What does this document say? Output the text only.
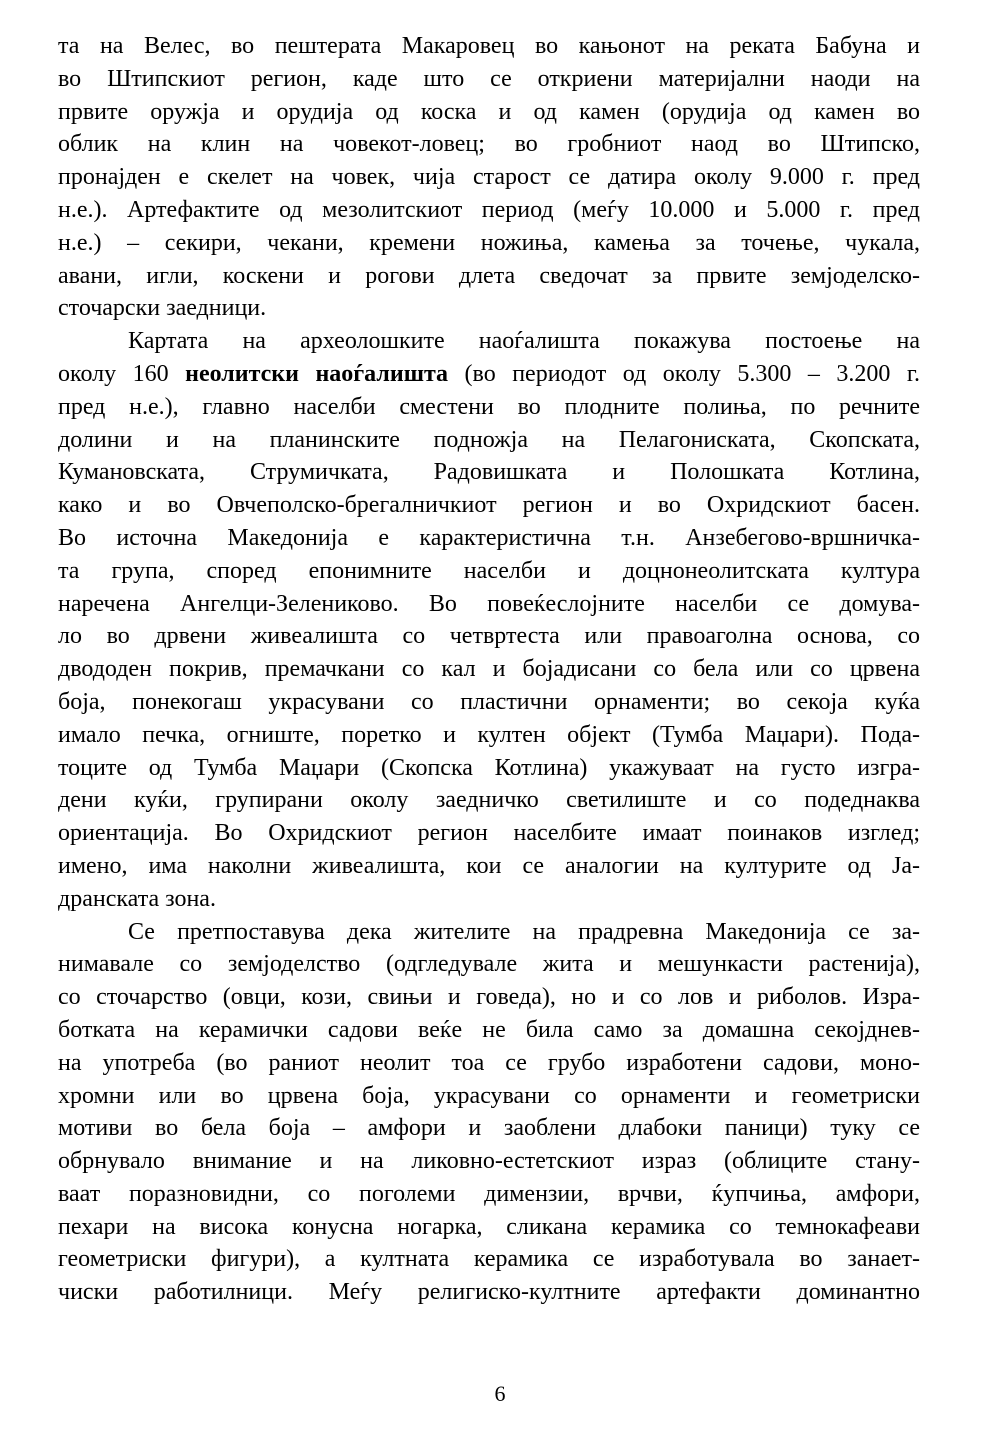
та на Велес, во пештерата Макаровец во кањонот на реката Бабуна и
во Штипскиот регион, каде што се откриени материјални наоди на
првите оружја и орудија од коска и од камен (орудија од камен во
облик на клин на човекот-ловец; во гробниот наод во Штипско,
пронајден е скелет на човек, чија старост се датира околу 9.000 г. пред
н.е.). Артефактите од мезолитскиот период (меѓу 10.000 и 5.000 г. пред
н.е.) – секири, чекани, кремени ножиња, камења за точење, чукала,
авани, игли, коскени и рогови длета сведочат за првите земјоделско-
сточарски заедници.
Картата на археолошките наоѓалишта покажува постоење на
околу 160 неолитски наоѓалишта (во периодот од околу 5.300 – 3.200 г.
пред н.е.), главно населби сместени во плодните полиња, по речните
долини и на планинските подножја на Пелагониската, Скопската,
Кумановската, Струмичката, Радовишката и Полошката Котлина,
како и во Овчеполско-брегалничкиот регион и во Охридскиот басен.
Во источна Македонија е карактеристична т.н. Анзебегово-вршничка-
та група, според епонимните населби и доцнонеолитската култура
наречена Ангелци-Зелениково. Во повеќеслојните населби се домува-
ло во дрвени живеалишта со четвртеста или правоаголна основа, со
двододен покрив, премачкани со кал и бојадисани со бела или со црвена
боја, понекогаш украсувани со пластични орнаменти; во секоја куќа
имало печка, огниште, поретко и култен објект (Тумба Маџари). Пода-
тоците од Тумба Маџари (Скопска Котлина) укажуваат на густо изгра-
дени куќи, групирани околу заедничко светилиште и со подеднаква
ориентација. Во Охридскиот регион населбите имаат поинаков изглед;
имено, има наколни живеалишта, кои се аналогии на културите од Ја-
дранската зона.
Се претпоставува дека жителите на прадревна Македонија се за-
нимавале со земјоделство (одгледувале жита и мешункасти растенија),
со сточарство (овци, кози, свињи и говеда), но и со лов и риболов. Изра-
ботката на керамички садови веќе не била само за домашна секојднев-
на употреба (во раниот неолит тоа се грубо изработени садови, моно-
хромни или во црвена боја, украсувани со орнаменти и геометриски
мотиви во бела боја – амфори и заоблени длабоки паници) туку се
обрнувало внимание и на ликовно-естетскиот израз (облиците стану-
ваат поразновидни, со поголеми димензии, врчви, ќупчиња, амфори,
пехари на висока конусна ногарка, сликана керамика со темнокафеави
геометриски фигури), а култната керамика се изработувала во занает-
чиски работилници. Меѓу религиско-култните артефакти доминантно
6
